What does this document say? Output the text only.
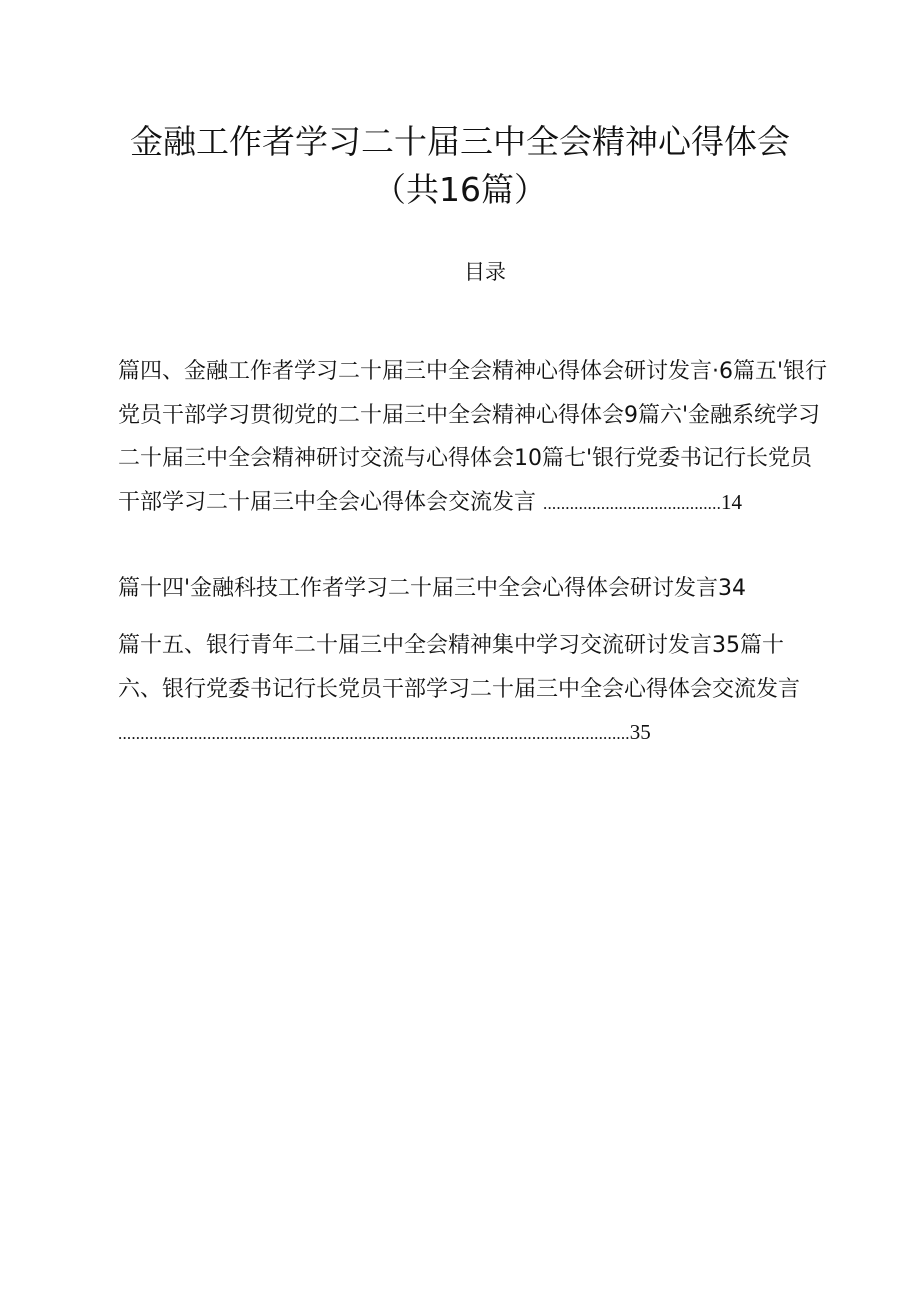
金融工作者学习二十届三中全会精神心得体会
（共16篇）
目录
篇四、金融工作者学习二十届三中全会精神心得体会研讨发言·6篇五'银行
党员干部学习贯彻党的二十届三中全会精神心得体会9篇六'金融系统学习
二十届三中全会精神研讨交流与心得体会10篇七'银行党委书记行长党员
干部学习二十届三中全会心得体会交流发言 ........................................14
篇十四'金融科技工作者学习二十届三中全会心得体会研讨发言34
篇十五、银行青年二十届三中全会精神集中学习交流研讨发言35篇十
六、银行党委书记行长党员干部学习二十届三中全会心得体会交流发言
...................................................................................................................35
